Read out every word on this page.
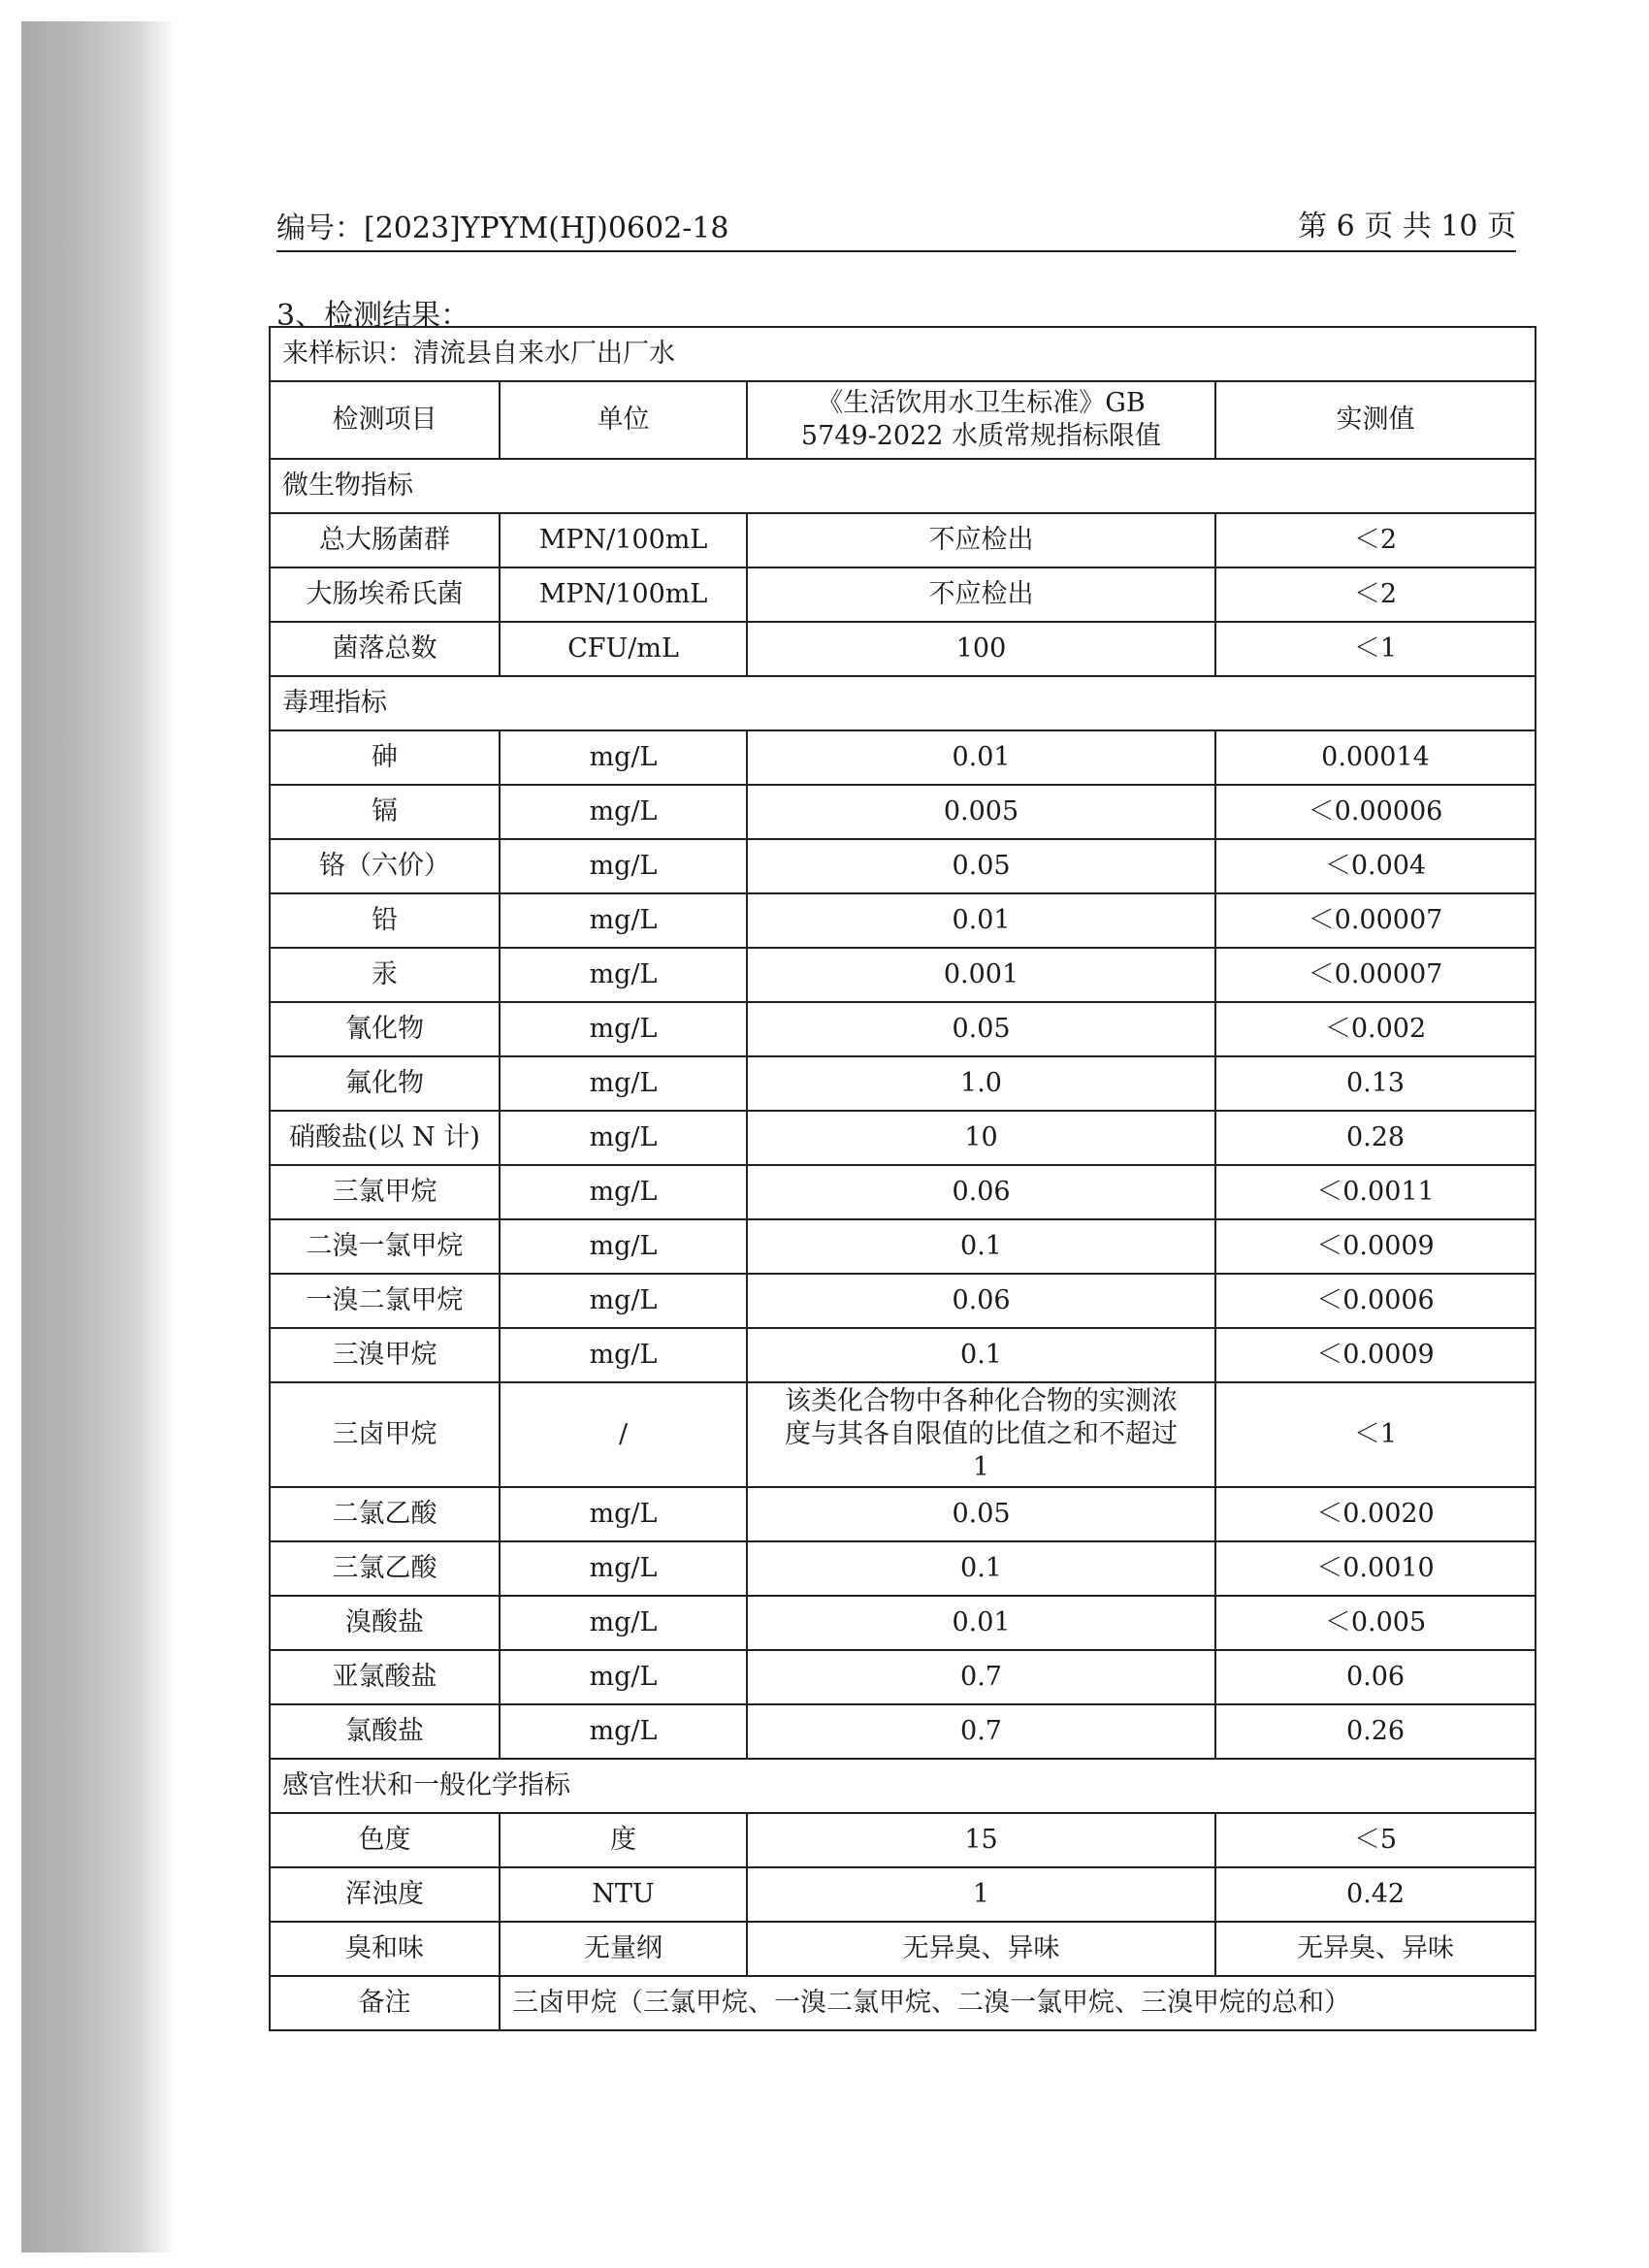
编号：[2023]YPYM(HJ)0602-18	第 6 页 共 10 页
3、检测结果：
来样标识：清流县自来水厂出厂水			
检测项目	单位	《生活饮用水卫生标准》GB
5749-2022 水质常规指标限值	实测值
微生物指标			
总大肠菌群	MPN/100mL	不应检出	＜2
大肠埃希氏菌	MPN/100mL	不应检出	＜2
菌落总数	CFU/mL	100	＜1
毒理指标			
砷	mg/L	0.01	0.00014
镉	mg/L	0.005	＜0.00006
铬（六价）	mg/L	0.05	＜0.004
铅	mg/L	0.01	＜0.00007
汞	mg/L	0.001	＜0.00007
氰化物	mg/L	0.05	＜0.002
氟化物	mg/L	1.0	0.13
硝酸盐(以 N 计)	mg/L	10	0.28
三氯甲烷	mg/L	0.06	＜0.0011
二溴一氯甲烷	mg/L	0.1	＜0.0009
一溴二氯甲烷	mg/L	0.06	＜0.0006
三溴甲烷	mg/L	0.1	＜0.0009
三卤甲烷	/	该类化合物中各种化合物的实测浓
度与其各自限值的比值之和不超过
1	＜1
二氯乙酸	mg/L	0.05	＜0.0020
三氯乙酸	mg/L	0.1	＜0.0010
溴酸盐	mg/L	0.01	＜0.005
亚氯酸盐	mg/L	0.7	0.06
氯酸盐	mg/L	0.7	0.26
感官性状和一般化学指标			
色度	度	15	＜5
浑浊度	NTU	1	0.42
臭和味	无量纲	无异臭、异味	无异臭、异味
备注	三卤甲烷（三氯甲烷、一溴二氯甲烷、二溴一氯甲烷、三溴甲烷的总和）		
